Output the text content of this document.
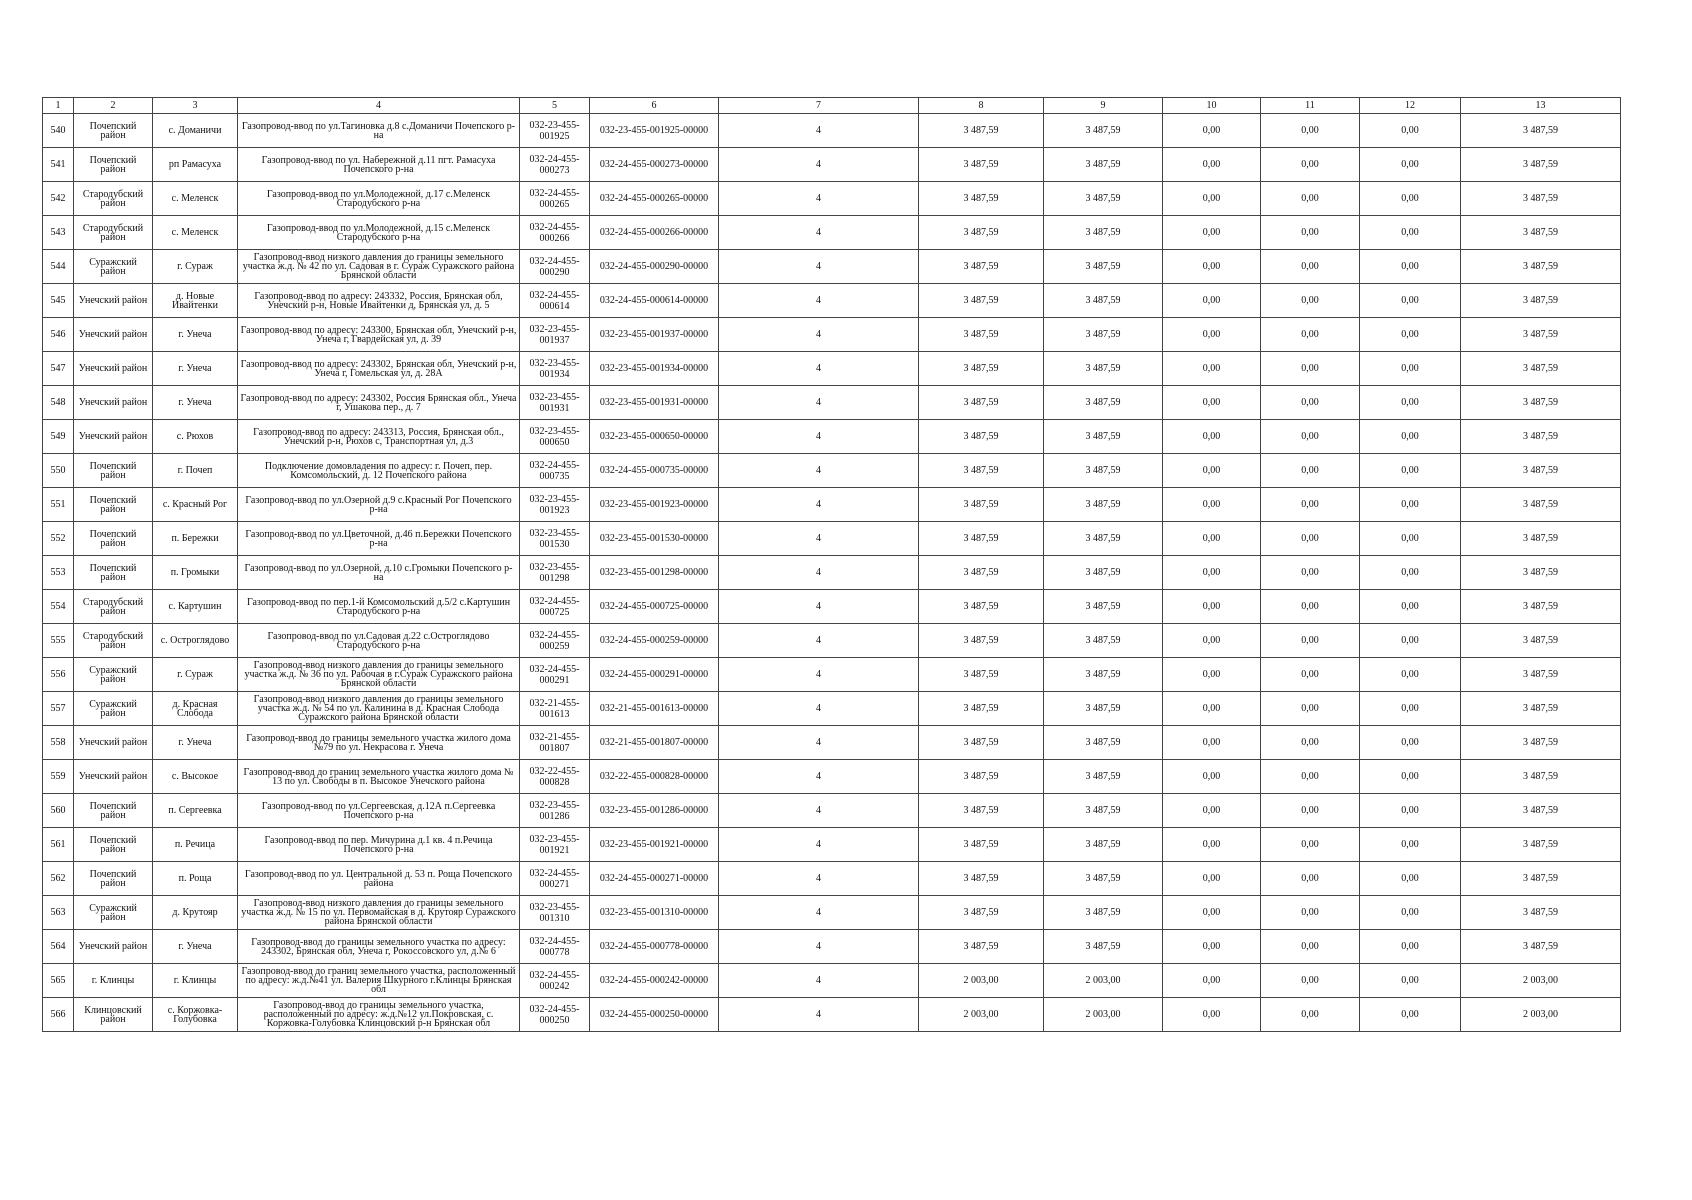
1	2	3	4	5	6	7	8	9	10	11	12	13
540	Почепский район	с. Доманичи	Газопровод-ввод по ул.Тагиновка д.8 с.Доманичи Почепского р-на	032-23-455-001925	032-23-455-001925-00000	4	3 487,59	3 487,59	0,00	0,00	0,00	3 487,59
541	Почепский район	рп Рамасуха	Газопровод-ввод по ул. Набережной д.11 пгт. Рамасуха Почепского р-на	032-24-455-000273	032-24-455-000273-00000	4	3 487,59	3 487,59	0,00	0,00	0,00	3 487,59
542	Стародубский район	с. Меленск	Газопровод-ввод по ул.Молодежной, д.17 с.Меленск Стародубского р-на	032-24-455-000265	032-24-455-000265-00000	4	3 487,59	3 487,59	0,00	0,00	0,00	3 487,59
543	Стародубский район	с. Меленск	Газопровод-ввод по ул.Молодежной, д.15 с.Меленск Стародубского р-на	032-24-455-000266	032-24-455-000266-00000	4	3 487,59	3 487,59	0,00	0,00	0,00	3 487,59
544	Суражский район	г. Сураж	Газопровод-ввод низкого давления до границы земельного участка ж.д. № 42 по ул. Садовая в г. Сураж Суражского района Брянской области	032-24-455-000290	032-24-455-000290-00000	4	3 487,59	3 487,59	0,00	0,00	0,00	3 487,59
545	Унечский район	д. Новые Ивайтенки	Газопровод-ввод по адресу: 243332, Россия, Брянская обл, Унечский р-н, Новые Ивайтенки д, Брянская ул, д. 5	032-24-455-000614	032-24-455-000614-00000	4	3 487,59	3 487,59	0,00	0,00	0,00	3 487,59
546	Унечский район	г. Унеча	Газопровод-ввод по адресу: 243300, Брянская обл, Унечский р-н, Унеча г, Гвардейская ул, д. 39	032-23-455-001937	032-23-455-001937-00000	4	3 487,59	3 487,59	0,00	0,00	0,00	3 487,59
547	Унечский район	г. Унеча	Газопровод-ввод по адресу: 243302, Брянская обл, Унечский р-н, Унеча г, Гомельская ул, д. 28А	032-23-455-001934	032-23-455-001934-00000	4	3 487,59	3 487,59	0,00	0,00	0,00	3 487,59
548	Унечский район	г. Унеча	Газопровод-ввод по адресу: 243302, Россия Брянская обл., Унеча г, Ушакова пер., д. 7	032-23-455-001931	032-23-455-001931-00000	4	3 487,59	3 487,59	0,00	0,00	0,00	3 487,59
549	Унечский район	с. Рюхов	Газопровод-ввод по адресу: 243313, Россия, Брянская обл., Унечский р-н, Рюхов с, Транспортная ул, д.3	032-23-455-000650	032-23-455-000650-00000	4	3 487,59	3 487,59	0,00	0,00	0,00	3 487,59
550	Почепский район	г. Почеп	Подключение домовладения по адресу: г. Почеп, пер. Комсомольский, д. 12 Почепского района	032-24-455-000735	032-24-455-000735-00000	4	3 487,59	3 487,59	0,00	0,00	0,00	3 487,59
551	Почепский район	с. Красный Рог	Газопровод-ввод по ул.Озерной д.9 с.Красный Рог Почепского р-на	032-23-455-001923	032-23-455-001923-00000	4	3 487,59	3 487,59	0,00	0,00	0,00	3 487,59
552	Почепский район	п. Бережки	Газопровод-ввод по ул.Цветочной, д.46 п.Бережки Почепского р-на	032-23-455-001530	032-23-455-001530-00000	4	3 487,59	3 487,59	0,00	0,00	0,00	3 487,59
553	Почепский район	п. Громыки	Газопровод-ввод по ул.Озерной, д.10 с.Громыки Почепского р-на	032-23-455-001298	032-23-455-001298-00000	4	3 487,59	3 487,59	0,00	0,00	0,00	3 487,59
554	Стародубский район	с. Картушин	Газопровод-ввод по пер.1-й Комсомольский д.5/2 с.Картушин Стародубского р-на	032-24-455-000725	032-24-455-000725-00000	4	3 487,59	3 487,59	0,00	0,00	0,00	3 487,59
555	Стародубский район	с. Остроглядово	Газопровод-ввод по ул.Садовая д.22 с.Остроглядово Стародубского р-на	032-24-455-000259	032-24-455-000259-00000	4	3 487,59	3 487,59	0,00	0,00	0,00	3 487,59
556	Суражский район	г. Сураж	Газопровод-ввод низкого давления до границы земельного участка ж.д. № 36 по ул. Рабочая в г.Сураж Суражского района Брянской области	032-24-455-000291	032-24-455-000291-00000	4	3 487,59	3 487,59	0,00	0,00	0,00	3 487,59
557	Суражский район	д. Красная Слобода	Газопровод-ввод низкого давления до границы земельного участка ж.д. № 54 по ул. Калинина в д. Красная Слобода Суражского района Брянской области	032-21-455-001613	032-21-455-001613-00000	4	3 487,59	3 487,59	0,00	0,00	0,00	3 487,59
558	Унечский район	г. Унеча	Газопровод-ввод до границы земельного участка жилого дома №79 по ул. Некрасова г. Унеча	032-21-455-001807	032-21-455-001807-00000	4	3 487,59	3 487,59	0,00	0,00	0,00	3 487,59
559	Унечский район	с. Высокое	Газопровод-ввод до границ земельного участка жилого дома № 13 по ул. Свободы в п. Высокое Унечского района	032-22-455-000828	032-22-455-000828-00000	4	3 487,59	3 487,59	0,00	0,00	0,00	3 487,59
560	Почепский район	п. Сергеевка	Газопровод-ввод по ул.Сергеевская, д.12А п.Сергеевка Почепского р-на	032-23-455-001286	032-23-455-001286-00000	4	3 487,59	3 487,59	0,00	0,00	0,00	3 487,59
561	Почепский район	п. Речица	Газопровод-ввод по пер. Мичурина д.1 кв. 4 п.Речица Почепского р-на	032-23-455-001921	032-23-455-001921-00000	4	3 487,59	3 487,59	0,00	0,00	0,00	3 487,59
562	Почепский район	п. Роща	Газопровод-ввод по ул. Центральной д. 53 п. Роща Почепского района	032-24-455-000271	032-24-455-000271-00000	4	3 487,59	3 487,59	0,00	0,00	0,00	3 487,59
563	Суражский район	д. Крутояр	Газопровод-ввод низкого давления до границы земельного участка ж.д. № 15 по ул. Первомайская в д. Крутояр Суражского района Брянской области	032-23-455-001310	032-23-455-001310-00000	4	3 487,59	3 487,59	0,00	0,00	0,00	3 487,59
564	Унечский район	г. Унеча	Газопровод-ввод до границы земельного участка по адресу: 243302, Брянская обл, Унеча г, Рокоссовского ул, д.№ 6	032-24-455-000778	032-24-455-000778-00000	4	3 487,59	3 487,59	0,00	0,00	0,00	3 487,59
565	г. Клинцы	г. Клинцы	Газопровод-ввод до границ земельного участка, расположенный по адресу: ж.д.№41 ул. Валерия Шкурного г.Клинцы Брянская обл	032-24-455-000242	032-24-455-000242-00000	4	2 003,00	2 003,00	0,00	0,00	0,00	2 003,00
566	Клинцовский район	с. Коржовка-Голубовка	Газопровод-ввод до границы земельного участка, расположенный по адресу: ж.д.№12 ул.Покровская, с. Коржовка-Голубовка Клинцовский р-н Брянская обл	032-24-455-000250	032-24-455-000250-00000	4	2 003,00	2 003,00	0,00	0,00	0,00	2 003,00
